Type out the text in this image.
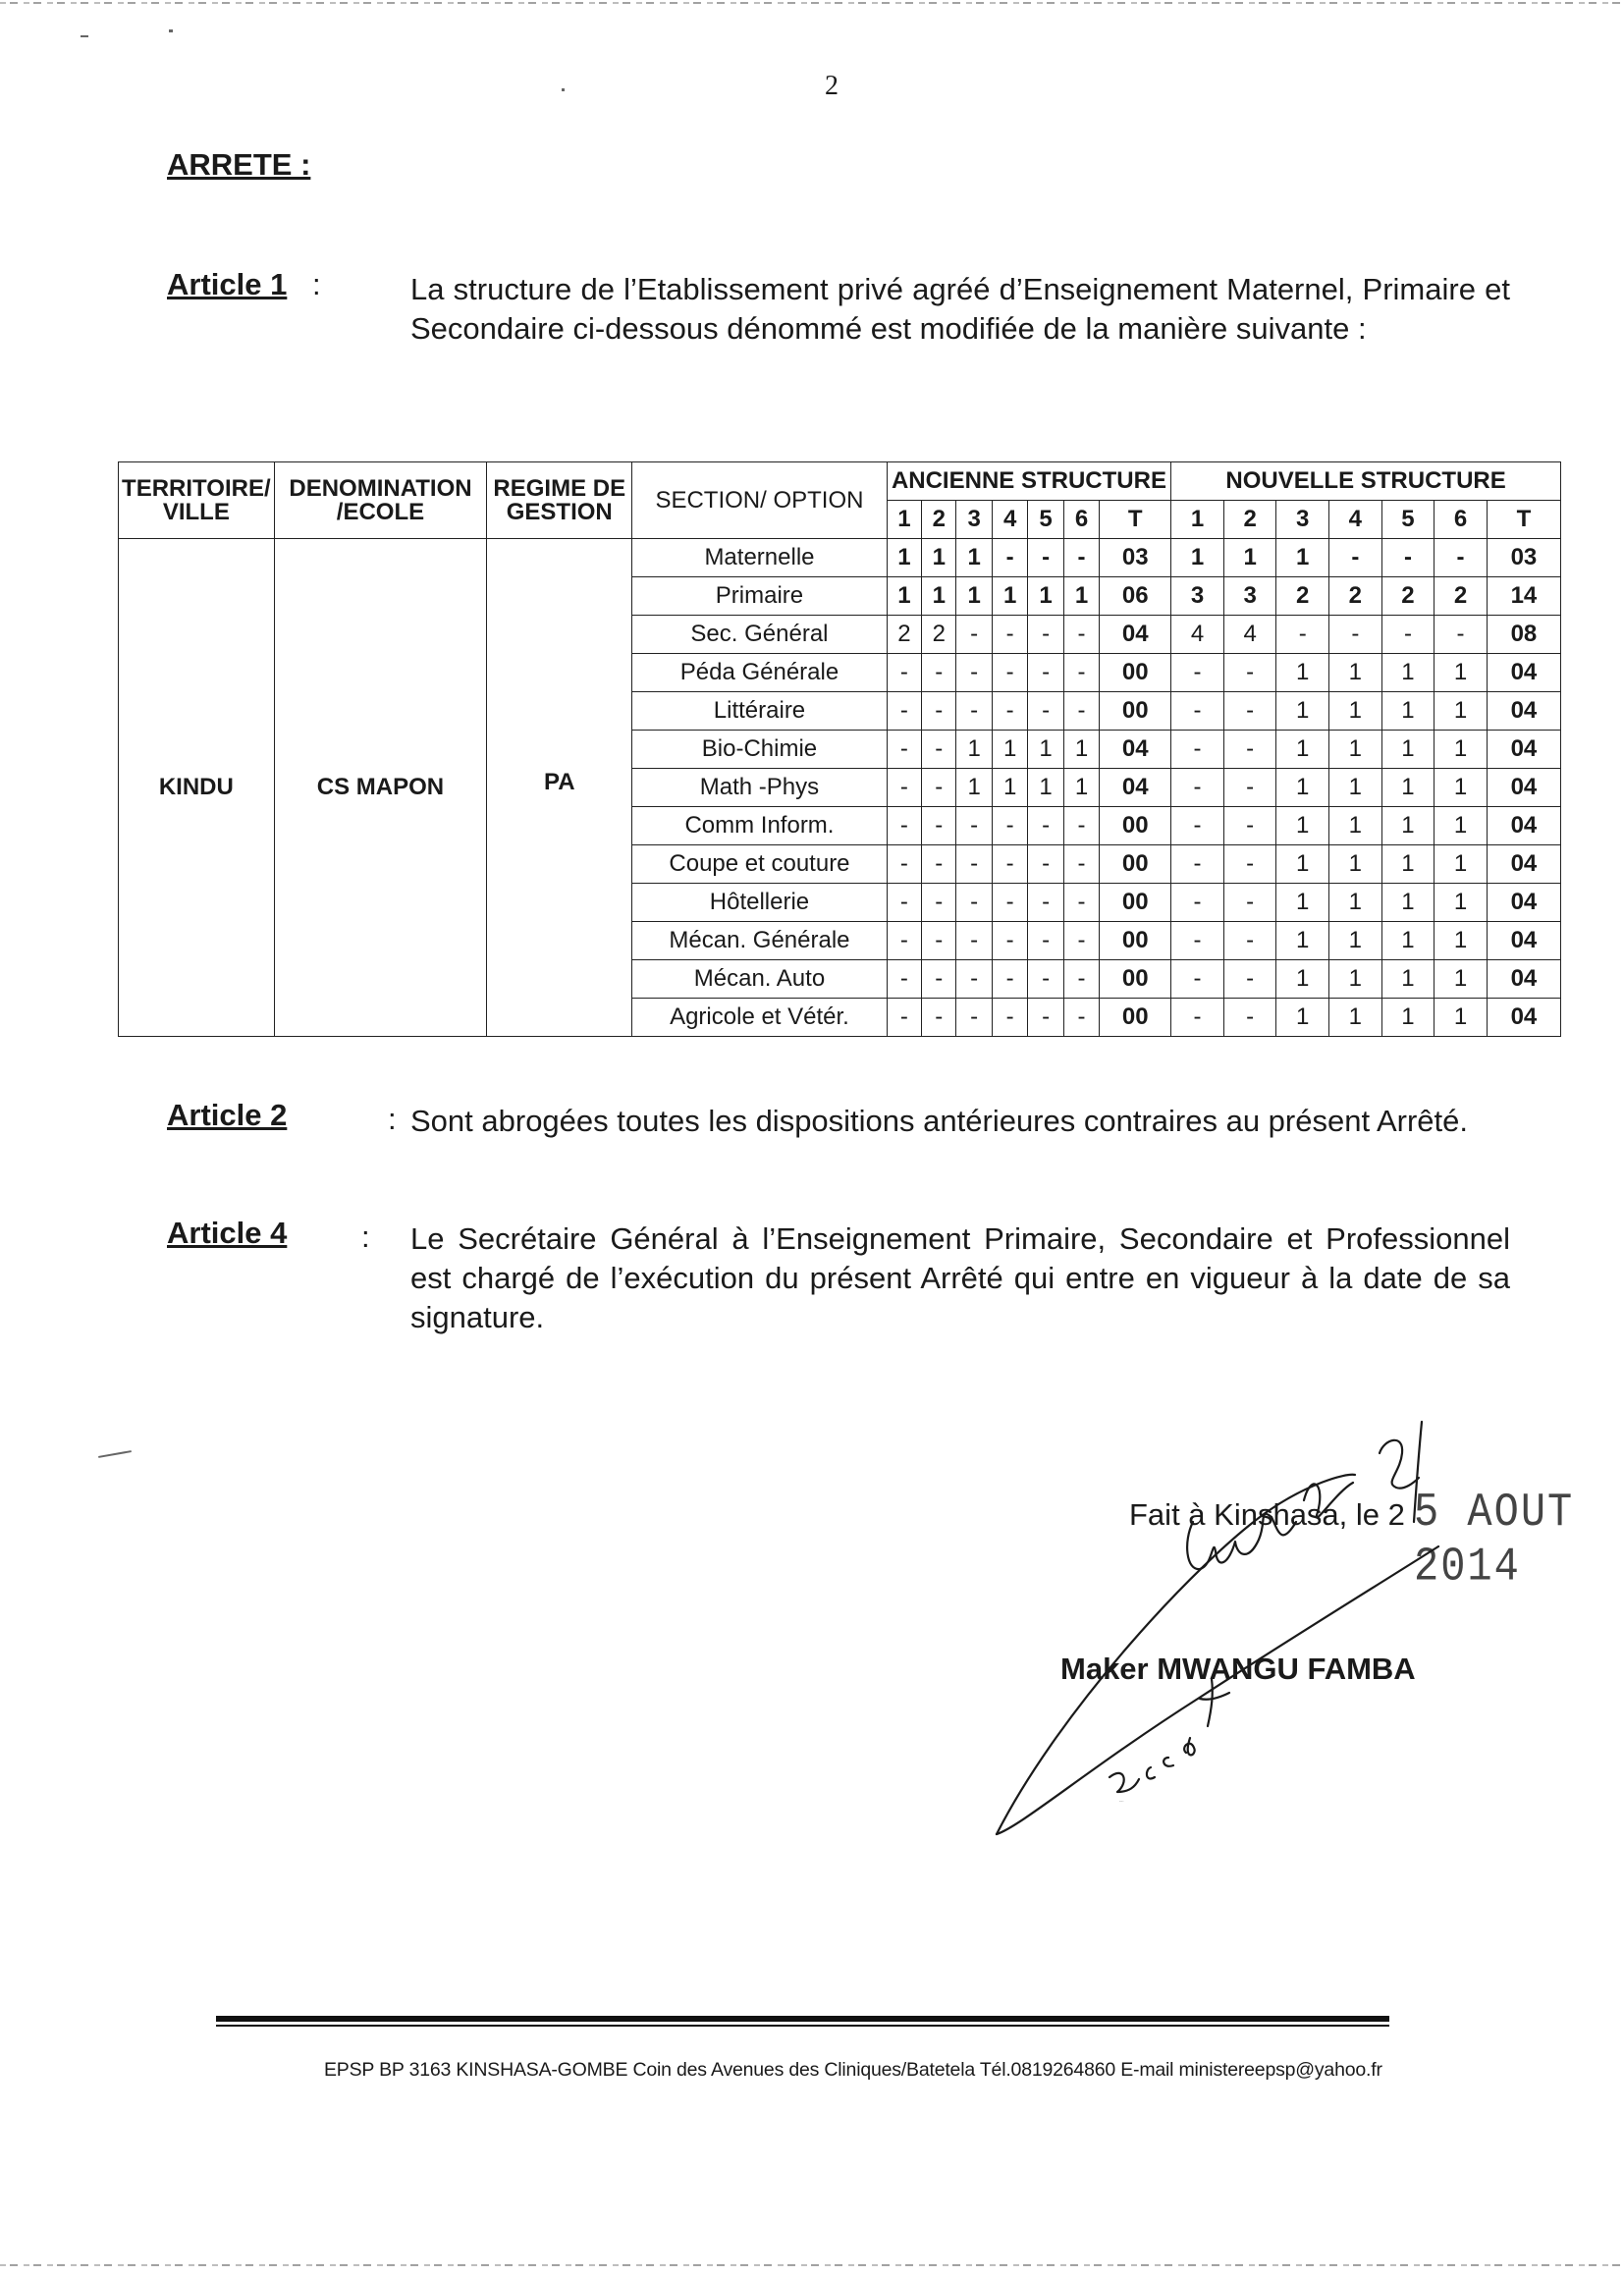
2
ARRETE :
Article 1 :	La structure de l’Etablissement privé agréé d’Enseignement Maternel, Primaire et Secondaire ci-dessous dénommé est modifiée de la manière suivante :
TERRITOIRE/ VILLE	DENOMINATION /ECOLE	REGIME DE GESTION	SECTION/ OPTION	ANCIENNE STRUCTURE							NOUVELLE STRUCTURE						
				1	2	3	4	5	6	T	1	2	3	4	5	6	T
KINDU	CS MAPON	PA	Maternelle	1	1	1	-	-	-	03	1	1	1	-	-	-	03
			Primaire	1	1	1	1	1	1	06	3	3	2	2	2	2	14
			Sec. Général	2	2	-	-	-	-	04	4	4	-	-	-	-	08
			Péda Générale	-	-	-	-	-	-	00	-	-	1	1	1	1	04
			Littéraire	-	-	-	-	-	-	00	-	-	1	1	1	1	04
			Bio-Chimie	-	-	1	1	1	1	04	-	-	1	1	1	1	04
			Math -Phys	-	-	1	1	1	1	04	-	-	1	1	1	1	04
			Comm Inform.	-	-	-	-	-	-	00	-	-	1	1	1	1	04
			Coupe et couture	-	-	-	-	-	-	00	-	-	1	1	1	1	04
			Hôtellerie	-	-	-	-	-	-	00	-	-	1	1	1	1	04
			Mécan. Générale	-	-	-	-	-	-	00	-	-	1	1	1	1	04
			Mécan. Auto	-	-	-	-	-	-	00	-	-	1	1	1	1	04
			Agricole et Vétér.	-	-	-	-	-	-	00	-	-	1	1	1	1	04
Article 2	: Sont abrogées toutes les dispositions antérieures contraires au présent Arrêté.
Article 4 : Le Secrétaire Général à l’Enseignement Primaire, Secondaire et Professionnel est chargé de l’exécution du présent Arrêté qui entre en vigueur à la date de sa signature.
Fait à Kinshasa, le 2 5 AOUT 2014
Maker MWANGU FAMBA
25.08.14
EPSP BP 3163 KINSHASA-GOMBE Coin des Avenues des Cliniques/Batetela Tél.0819264860 E-mail ministereepsp@yahoo.fr
